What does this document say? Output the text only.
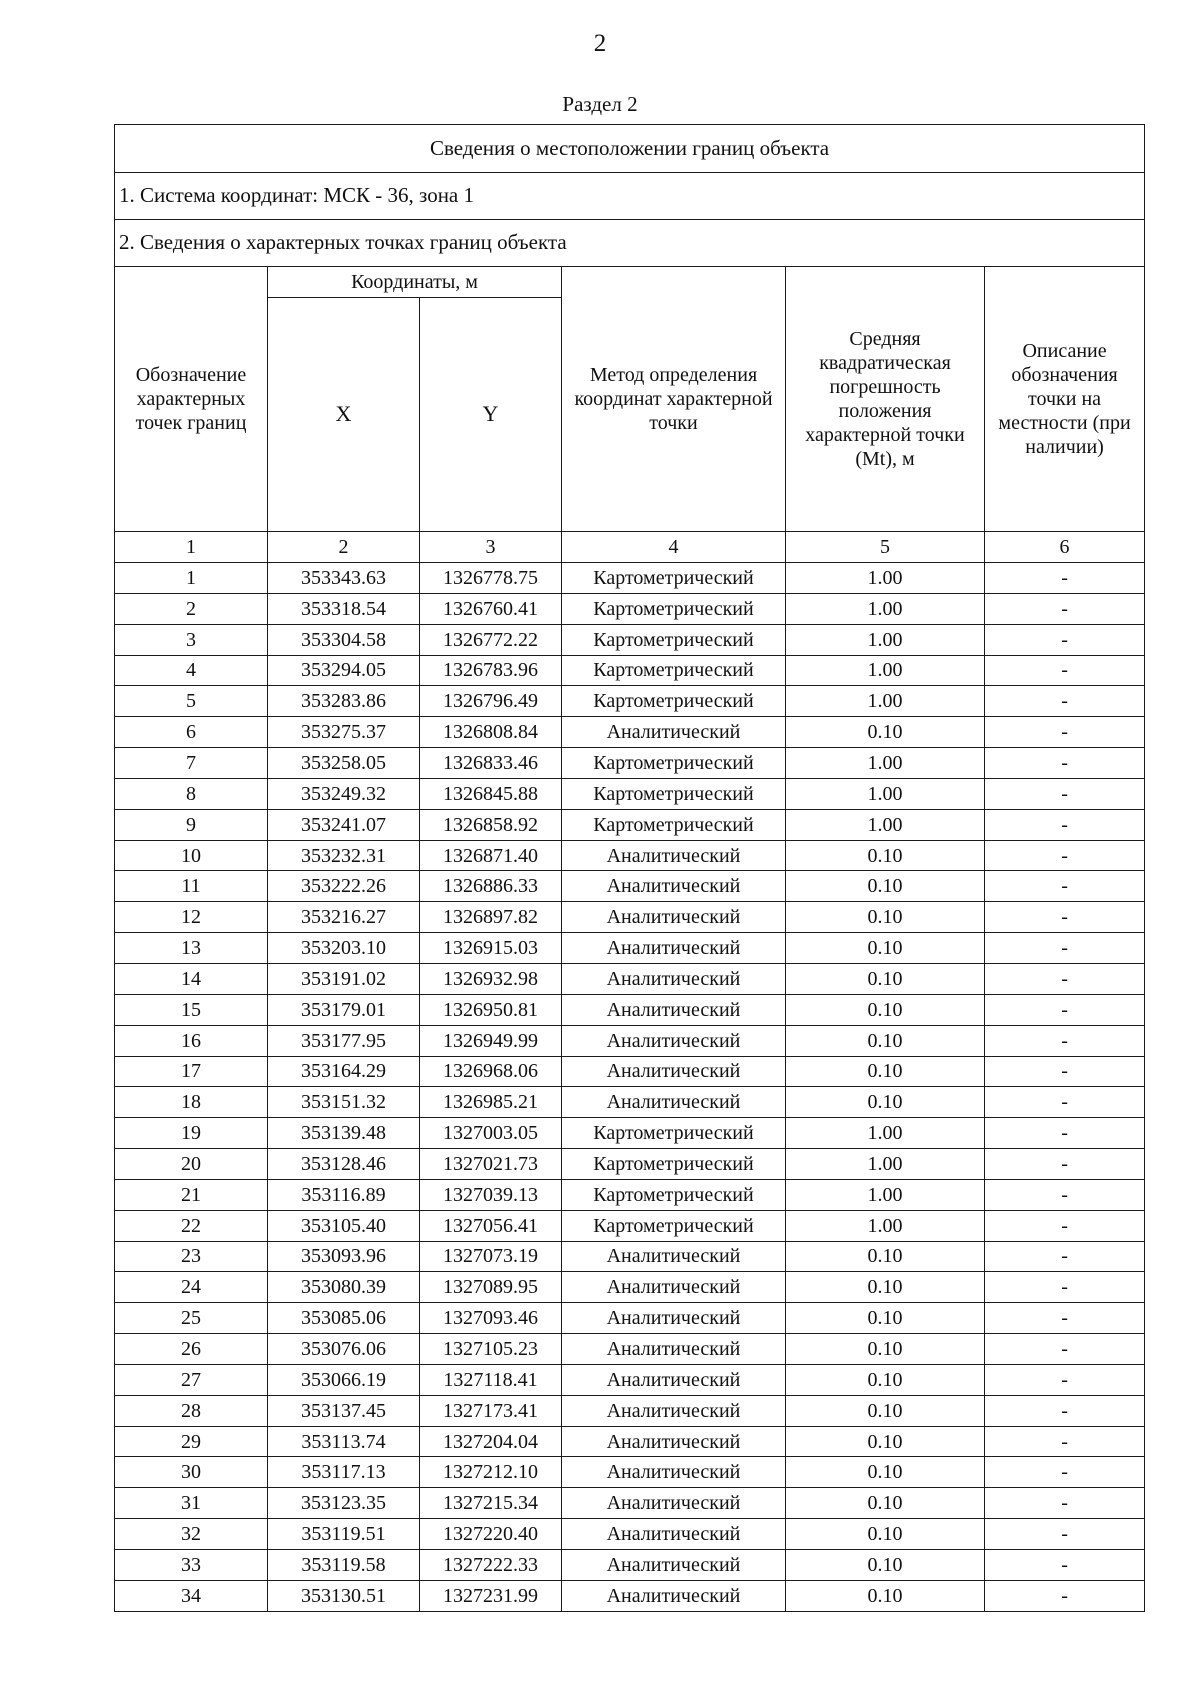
2
Раздел 2
Сведения о местоположении границ объекта					
1. Система координат: МСК - 36, зона 1					
2. Сведения о характерных точках границ объекта					
Обозначение характерных точек границ	Координаты, м		Метод определения координат характерной точки	Средняя квадратическая погрешность положения характерной точки (Mt), м	Описание обозначения точки на местности (при наличии)
	X	Y			
1	2	3	4	5	6
1	353343.63	1326778.75	Картометрический	1.00	-
2	353318.54	1326760.41	Картометрический	1.00	-
3	353304.58	1326772.22	Картометрический	1.00	-
4	353294.05	1326783.96	Картометрический	1.00	-
5	353283.86	1326796.49	Картометрический	1.00	-
6	353275.37	1326808.84	Аналитический	0.10	-
7	353258.05	1326833.46	Картометрический	1.00	-
8	353249.32	1326845.88	Картометрический	1.00	-
9	353241.07	1326858.92	Картометрический	1.00	-
10	353232.31	1326871.40	Аналитический	0.10	-
11	353222.26	1326886.33	Аналитический	0.10	-
12	353216.27	1326897.82	Аналитический	0.10	-
13	353203.10	1326915.03	Аналитический	0.10	-
14	353191.02	1326932.98	Аналитический	0.10	-
15	353179.01	1326950.81	Аналитический	0.10	-
16	353177.95	1326949.99	Аналитический	0.10	-
17	353164.29	1326968.06	Аналитический	0.10	-
18	353151.32	1326985.21	Аналитический	0.10	-
19	353139.48	1327003.05	Картометрический	1.00	-
20	353128.46	1327021.73	Картометрический	1.00	-
21	353116.89	1327039.13	Картометрический	1.00	-
22	353105.40	1327056.41	Картометрический	1.00	-
23	353093.96	1327073.19	Аналитический	0.10	-
24	353080.39	1327089.95	Аналитический	0.10	-
25	353085.06	1327093.46	Аналитический	0.10	-
26	353076.06	1327105.23	Аналитический	0.10	-
27	353066.19	1327118.41	Аналитический	0.10	-
28	353137.45	1327173.41	Аналитический	0.10	-
29	353113.74	1327204.04	Аналитический	0.10	-
30	353117.13	1327212.10	Аналитический	0.10	-
31	353123.35	1327215.34	Аналитический	0.10	-
32	353119.51	1327220.40	Аналитический	0.10	-
33	353119.58	1327222.33	Аналитический	0.10	-
34	353130.51	1327231.99	Аналитический	0.10	-
